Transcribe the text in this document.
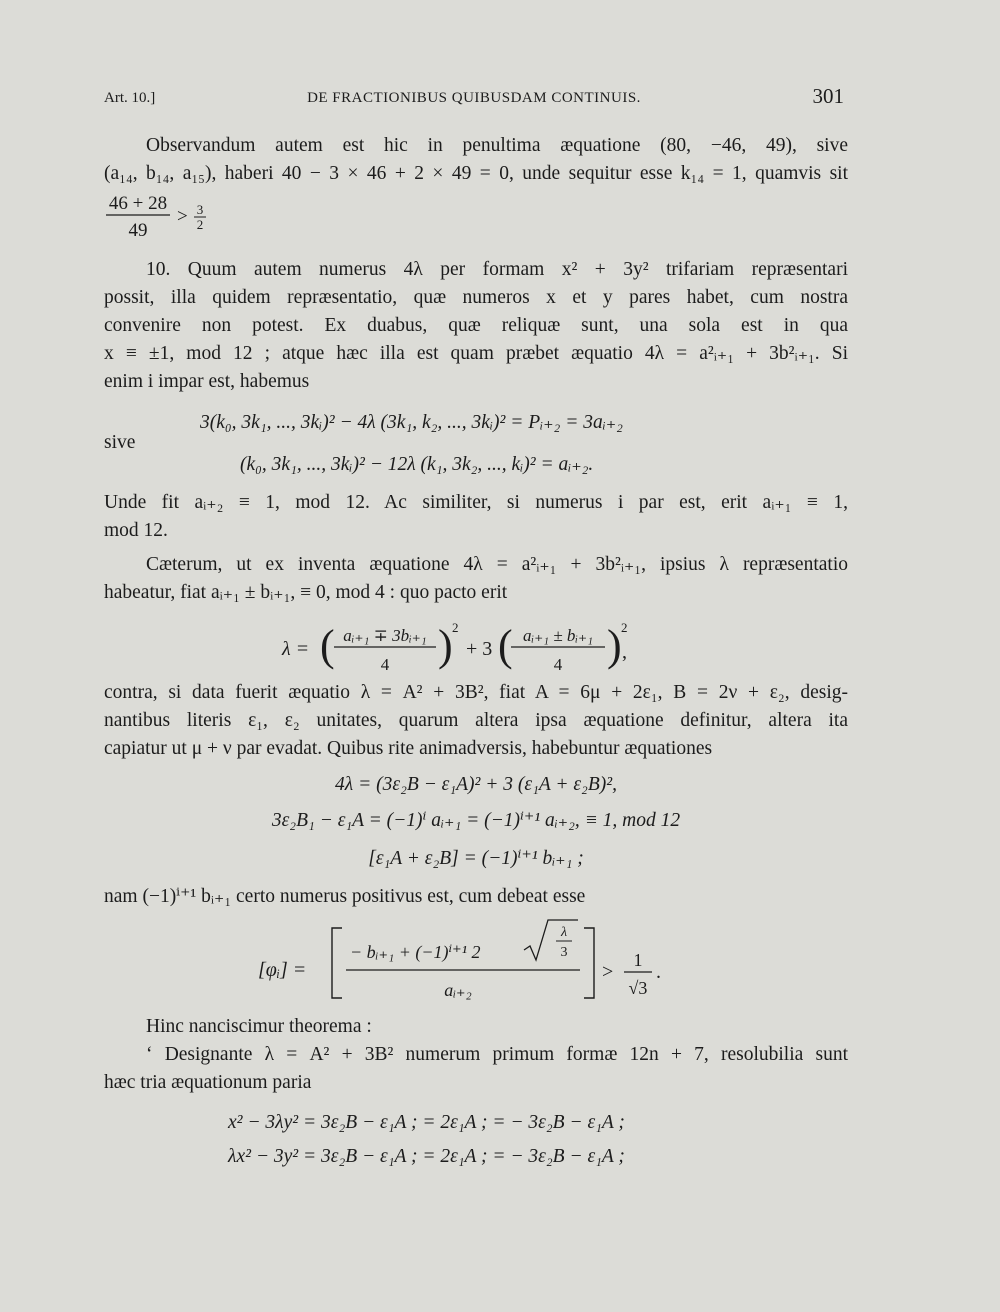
Art. 10.]	DE FRACTIONIBUS QUIBUSDAM CONTINUIS.	301
Observandum autem est hic in penultima æquatione (80, −46, 49), sive
(a₁₄, b₁₄, a₁₅), haberi 40 − 3 × 46 + 2 × 49 = 0, unde sequitur esse k₁₄ = 1, quamvis sit
46 + 28
49
> 3
2
10. Quum autem numerus 4λ per formam x² + 3y² trifariam repræsentari
possit, illa quidem repræsentatio, quæ numeros x et y pares habet, cum nostra
convenire non potest. Ex duabus, quæ reliquæ sunt, una sola est in qua
x ≡ ±1, mod 12 ; atque hæc illa est quam præbet æquatio 4λ = a²ᵢ₊₁ + 3b²ᵢ₊₁. Si
enim i impar est, habemus
3(k₀, 3k₁, ..., 3kᵢ)² − 4λ (3k₁, k₂, ..., 3kᵢ)² = Pᵢ₊₂ = 3aᵢ₊₂
sive
(k₀, 3k₁, ..., 3kᵢ)² − 12λ (k₁, 3k₂, ..., kᵢ)² = aᵢ₊₂.
Unde fit aᵢ₊₂ ≡ 1, mod 12. Ac similiter, si numerus i par est, erit aᵢ₊₁ ≡ 1,
mod 12.
Cæterum, ut ex inventa æquatione 4λ = a²ᵢ₊₁ + 3b²ᵢ₊₁, ipsius λ repræsentatio
habeatur, fiat aᵢ₊₁ ± bᵢ₊₁, ≡ 0, mod 4 : quo pacto erit
λ = ( aᵢ₊₁ ∓ 3bᵢ₊₁
4 ) 2
+ 3 ( aᵢ₊₁ ± bᵢ₊₁
4 ) 2
,
contra, si data fuerit æquatio λ = A² + 3B², fiat A = 6μ + 2ε₁, B = 2ν + ε₂, desig-
nantibus literis ε₁, ε₂ unitates, quarum altera ipsa æquatione definitur, altera ita
capiatur ut μ + ν par evadat. Quibus rite animadversis, habebuntur æquationes
4λ = (3ε₂B − ε₁A)² + 3 (ε₁A + ε₂B)²,
3ε₂B₁ − ε₁A = (−1)ⁱ aᵢ₊₁ = (−1)ⁱ⁺¹ aᵢ₊₂, ≡ 1, mod 12
[ε₁A + ε₂B] = (−1)ⁱ⁺¹ bᵢ₊₁ ;
nam (−1)ⁱ⁺¹ bᵢ₊₁ certo numerus positivus est, cum debeat esse
[φᵢ] =
− bᵢ₊₁ + (−1)ⁱ⁺¹ 2
λ
3
aᵢ₊₂
>
1
√3
.
Hinc nanciscimur theorema :
‘ Designante λ = A² + 3B² numerum primum formæ 12n + 7, resolubilia sunt
hæc tria æquationum paria
x² − 3λy² = 3ε₂B − ε₁A ; = 2ε₁A ; = − 3ε₂B − ε₁A ;
λx² − 3y² = 3ε₂B − ε₁A ; = 2ε₁A ; = − 3ε₂B − ε₁A ;
